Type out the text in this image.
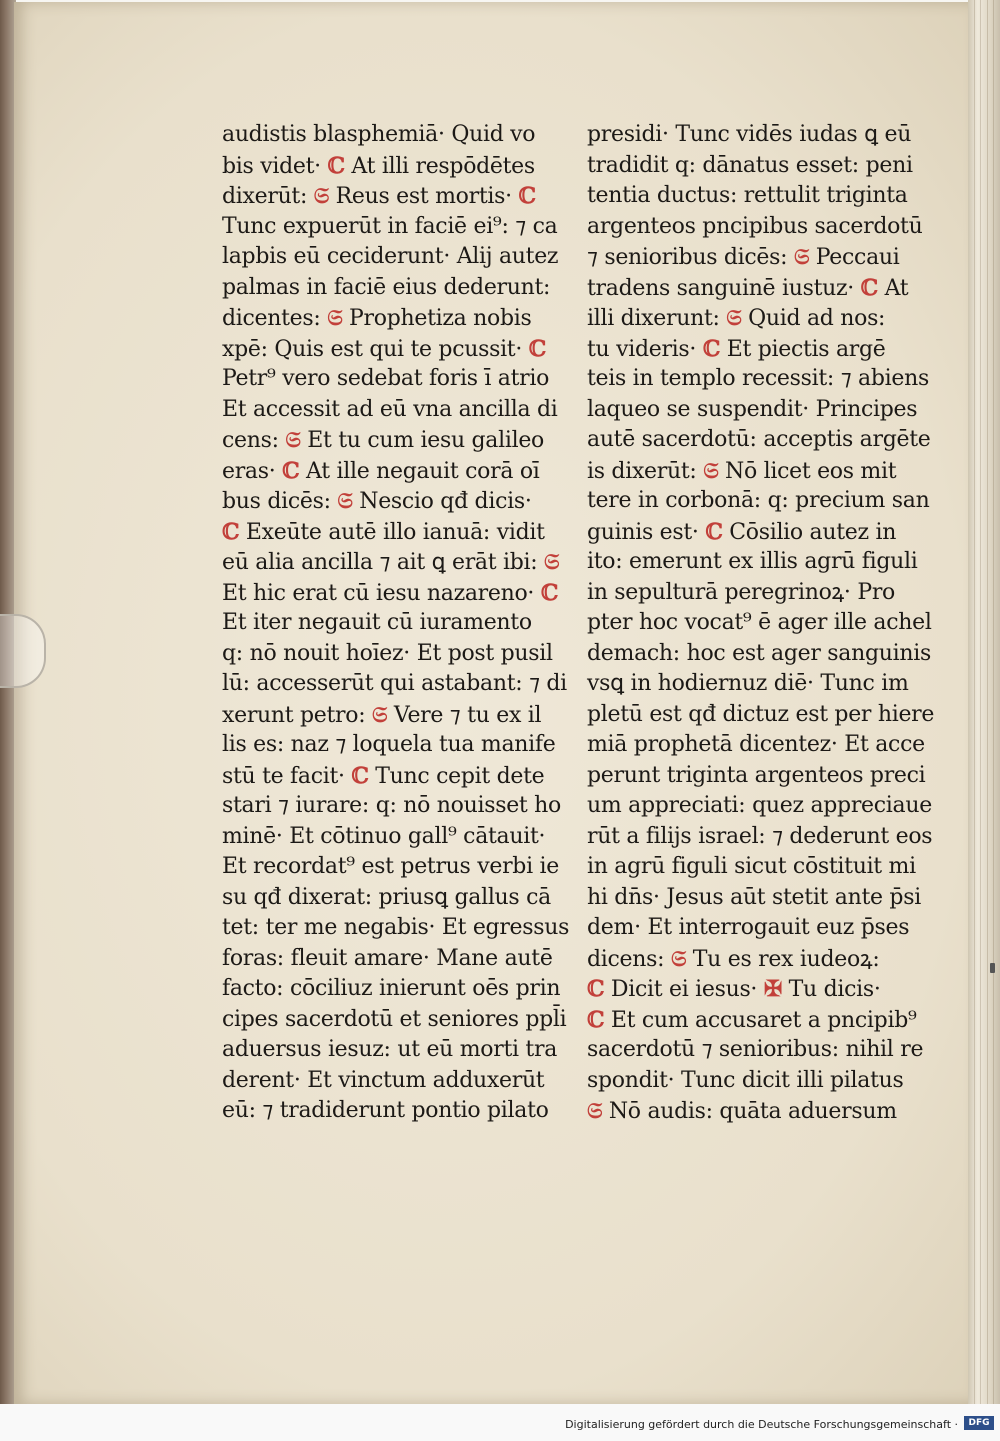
audistis blasphemiā· Quid vo
bis videt· ℂ At illi respōdētes
dixerūt: 𝔖 Reus est mortis· ℂ
Tunc expuerūt in faciē ei⁹: ⁊ ca
lapbis eū ceciderunt· Alij autez
palmas in faciē eius dederunt:
dicentes: 𝔖 Prophetiza nobis
xpē: Quis est qui te pcussit· ℂ
Petr⁹ vero sedebat foris ī atrio
Et accessit ad eū vna ancilla di
cens: 𝔖 Et tu cum iesu galileo
eras· ℂ At ille negauit corā oī
bus dicēs: 𝔖 Nescio qđ dicis·
ℂ Exeūte autē illo ianuā: vidit
eū alia ancilla ⁊ ait ꝗ erāt ibi: 𝔖
Et hic erat cū iesu nazareno· ℂ
Et iter negauit cū iuramento
q: nō nouit hoīez· Et post pusil
lū: accesserūt qui astabant: ⁊ di
xerunt petro: 𝔖 Vere ⁊ tu ex il
lis es: naz ⁊ loquela tua manife
stū te facit· ℂ Tunc cepit dete
stari ⁊ iurare: q: nō nouisset ho
minē· Et cōtinuo gall⁹ cātauit·
Et recordat⁹ est petrus verbi ie
su qđ dixerat: priusꝗ gallus cā
tet: ter me negabis· Et egressus
foras: fleuit amare· Mane autē
facto: cōciliuz inierunt oēs prin
cipes sacerdotū et seniores ppl̄i
aduersus iesuz: ut eū morti tra
derent· Et vinctum adduxerūt
eū: ⁊ tradiderunt pontio pilato
presidi· Tunc vidēs iudas ꝗ eū
tradidit q: dānatus esset: peni
tentia ductus: rettulit triginta
argenteos pncipibus sacerdotū
⁊ senioribus dicēs: 𝔖 Peccaui
tradens sanguinē iustuz· ℂ At
illi dixerunt: 𝔖 Quid ad nos:
tu videris· ℂ Et piectis argē
teis in templo recessit: ⁊ abiens
laqueo se suspendit· Principes
autē sacerdotū: acceptis argēte
is dixerūt: 𝔖 Nō licet eos mit
tere in corbonā: q: precium san
guinis est· ℂ Cōsilio autez in
ito: emerunt ex illis agrū figuli
in sepulturā peregrinoꝝ· Pro
pter hoc vocat⁹ ē ager ille achel
demach: hoc est ager sanguinis
vsꝗ in hodiernuz diē· Tunc im
pletū est qđ dictuz est per hiere
miā prophetā dicentez· Et acce
perunt triginta argenteos preci
um appreciati: quez appreciaue
rūt a filijs israel: ⁊ dederunt eos
in agrū figuli sicut cōstituit mi
hi dn̄s· Jesus aūt stetit ante p̄si
dem· Et interrogauit euz p̄ses
dicens: 𝔖 Tu es rex iudeoꝝ:
ℂ Dicit ei iesus· ✠ Tu dicis·
ℂ Et cum accusaret a pncipib⁹
sacerdotū ⁊ senioribus: nihil re
spondit· Tunc dicit illi pilatus
𝔖 Nō audis: quāta aduersum
Digitalisierung gefördert durch die Deutsche Forschungsgemeinschaft ·	DFG
